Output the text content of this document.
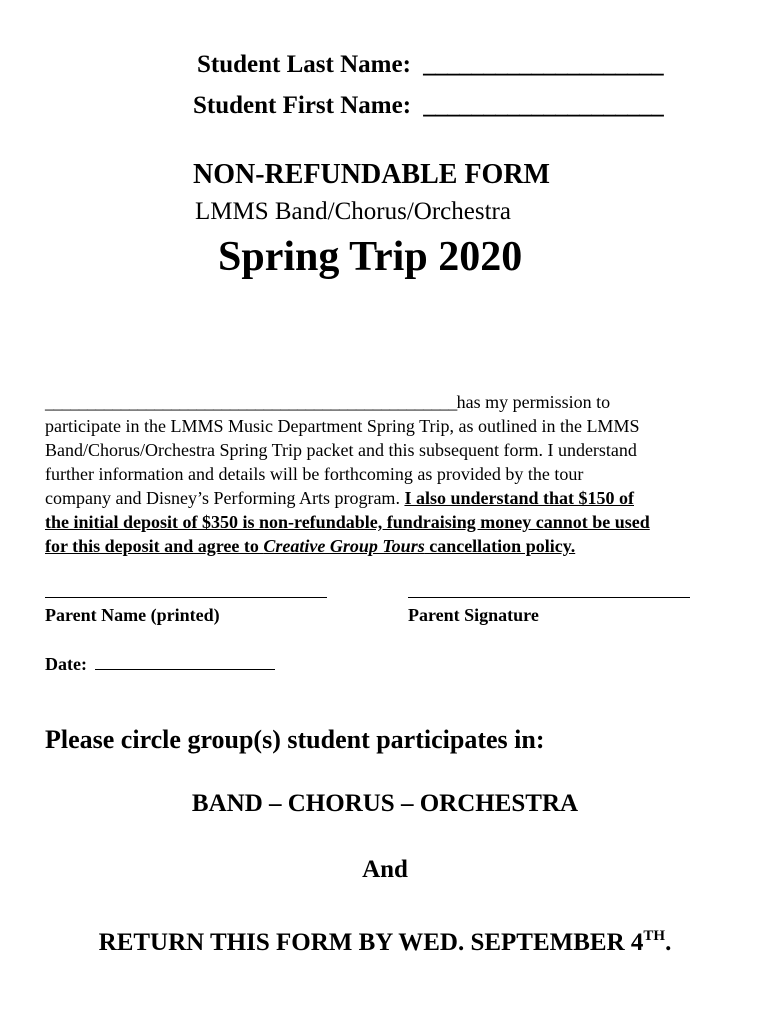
Student Last Name: ____________________
Student First Name: ____________________
NON-REFUNDABLE FORM
LMMS Band/Chorus/Orchestra
Spring Trip 2020
_________________________________________________has my permission to
participate in the LMMS Music Department Spring Trip, as outlined in the LMMS
Band/Chorus/Orchestra Spring Trip packet and this subsequent form. I understand
further information and details will be forthcoming as provided by the tour
company and Disney’s Performing Arts program. I also understand that $150 of
the initial deposit of $350 is non-refundable, fundraising money cannot be used
for this deposit and agree to Creative Group Tours cancellation policy.
Parent Name (printed)	Parent Signature
Date:
Please circle group(s) student participates in:
BAND – CHORUS – ORCHESTRA
And
RETURN THIS FORM BY WED. SEPTEMBER 4TH.
